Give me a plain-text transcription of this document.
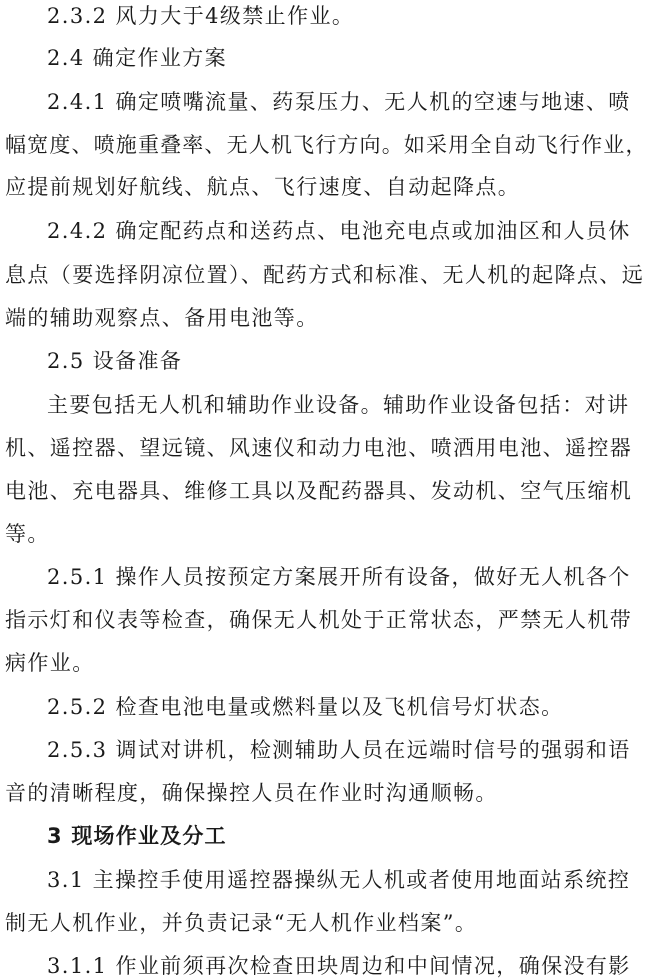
2.3.2 风力大于4级禁止作业。
2.4 确定作业方案
2.4.1 确定喷嘴流量、药泵压力、无人机的空速与地速、喷
幅宽度、喷施重叠率、无人机飞行方向。如采用全自动飞行作业，
应提前规划好航线、航点、飞行速度、自动起降点。
2.4.2 确定配药点和送药点、电池充电点或加油区和人员休
息点（要选择阴凉位置）、配药方式和标准、无人机的起降点、远
端的辅助观察点、备用电池等。
2.5 设备准备
主要包括无人机和辅助作业设备。辅助作业设备包括：对讲
机、遥控器、望远镜、风速仪和动力电池、喷洒用电池、遥控器
电池、充电器具、维修工具以及配药器具、发动机、空气压缩机
等。
2.5.1 操作人员按预定方案展开所有设备，做好无人机各个
指示灯和仪表等检查，确保无人机处于正常状态，严禁无人机带
病作业。
2.5.2 检查电池电量或燃料量以及飞机信号灯状态。
2.5.3 调试对讲机，检测辅助人员在远端时信号的强弱和语
音的清晰程度，确保操控人员在作业时沟通顺畅。
3 现场作业及分工
3.1 主操控手使用遥控器操纵无人机或者使用地面站系统控
制无人机作业，并负责记录“无人机作业档案”。
3.1.1 作业前须再次检查田块周边和中间情况，确保没有影
